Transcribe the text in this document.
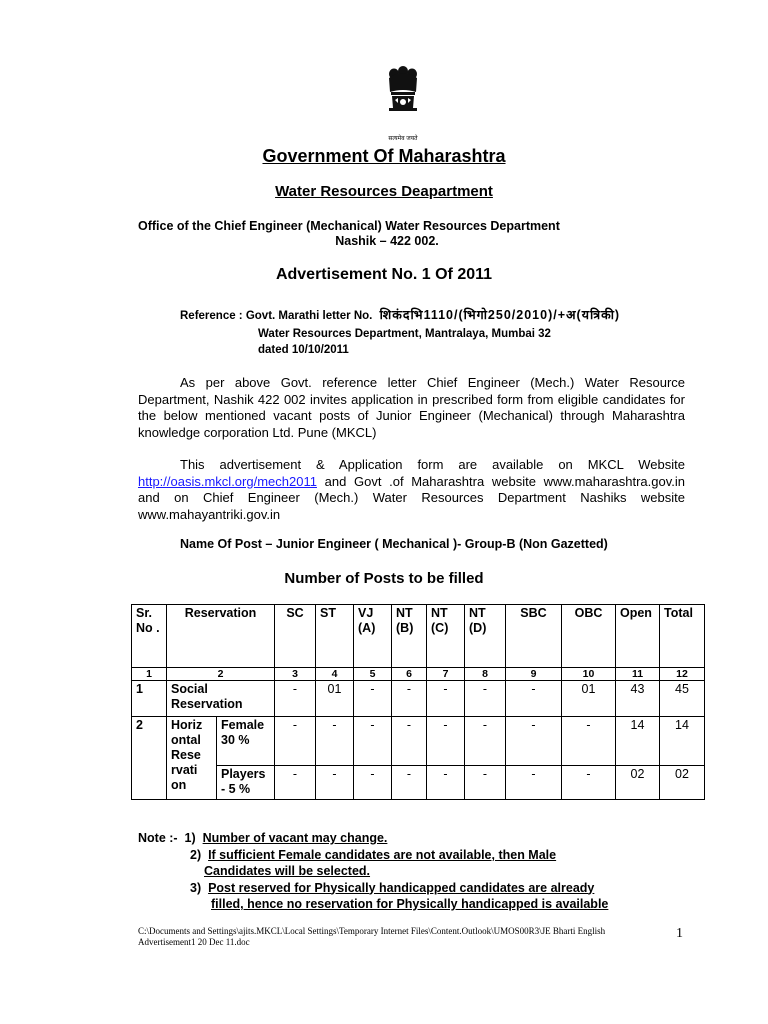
सत्यमेव जयते
Government Of Maharashtra
Water Resources Deapartment
Office of the Chief Engineer (Mechanical) Water Resources Department
Nashik – 422 002.
Advertisement No. 1 Of 2011
Reference : Govt. Marathi letter No. शिकंदभि1110/(भिगो250/2010)/+अ(यत्रिकी)
Water Resources Department, Mantralaya, Mumbai 32
dated 10/10/2011
As per above Govt. reference letter Chief Engineer (Mech.) Water Resource Department, Nashik 422 002 invites application in prescribed form from eligible candidates for the below mentioned vacant posts of Junior Engineer (Mechanical) through Maharashtra knowledge corporation Ltd. Pune (MKCL)
This advertisement & Application form are available on MKCL Website http://oasis.mkcl.org/mech2011 and Govt .of Maharashtra website www.maharashtra.gov.in and on Chief Engineer (Mech.) Water Resources Department Nashiks website www.mahayantriki.gov.in
Name Of Post – Junior Engineer ( Mechanical )- Group-B (Non Gazetted)
Number of Posts to be filled
Sr. No .	Reservation		SC	ST	VJ (A)	NT (B)	NT (C)	NT (D)	SBC	OBC	Open	Total
1	2		3	4	5	6	7	8	9	10	11	12
1	Social Reservation		-	01	-	-	-	-	-	01	43	45
2	Horiz ontal Rese rvati on	Female 30 %	-	-	-	-	-	-	-	-	14	14
		Players - 5 %	-	-	-	-	-	-	-	-	02	02
Note :- 1) Number of vacant may change.
2) If sufficient Female candidates are not available, then Male
Candidates will be selected.
3) Post reserved for Physically handicapped candidates are already
filled, hence no reservation for Physically handicapped is available
C:\Documents and Settings\ajits.MKCL\Local Settings\Temporary Internet Files\Content.Outlook\UMOS00R3\JE Bharti English Advertisement1 20 Dec 11.doc
1
